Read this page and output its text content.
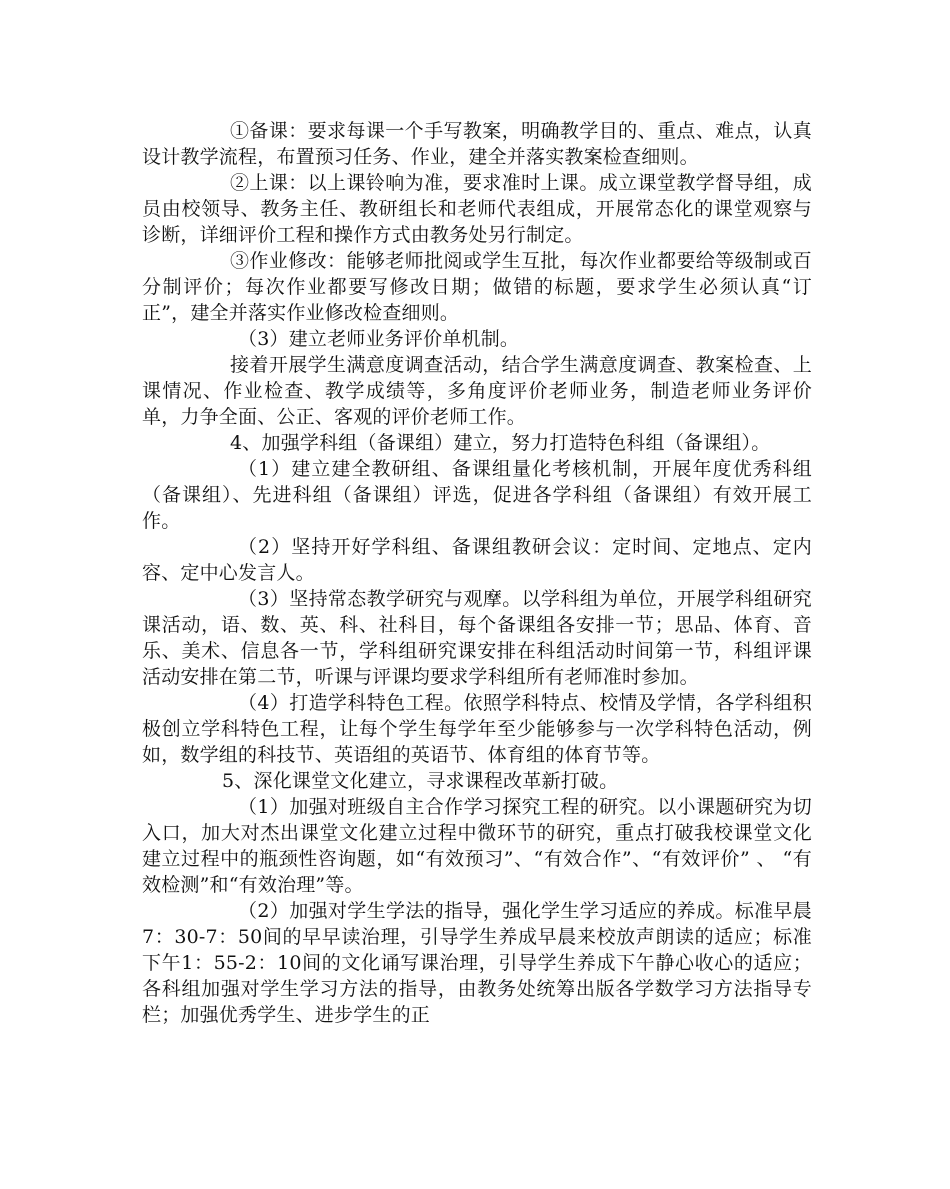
①备课：要求每课一个手写教案，明确教学目的、重点、难点，认真设计教学流程，布置预习任务、作业，建全并落实教案检查细则。

②上课：以上课铃响为准，要求准时上课。成立课堂教学督导组，成员由校领导、教务主任、教研组长和老师代表组成，开展常态化的课堂观察与诊断，详细评价工程和操作方式由教务处另行制定。

③作业修改：能够老师批阅或学生互批，每次作业都要给等级制或百分制评价；每次作业都要写修改日期；做错的标题，要求学生必须认真“订正”，建全并落实作业修改检查细则。

（3）建立老师业务评价单机制。

接着开展学生满意度调查活动，结合学生满意度调查、教案检查、上课情况、作业检查、教学成绩等，多角度评价老师业务，制造老师业务评价单，力争全面、公正、客观的评价老师工作。

4、加强学科组（备课组）建立，努力打造特色科组（备课组）。

（1）建立建全教研组、备课组量化考核机制，开展年度优秀科组（备课组）、先进科组（备课组）评选，促进各学科组（备课组）有效开展工作。

（2）坚持开好学科组、备课组教研会议：定时间、定地点、定内容、定中心发言人。

（3）坚持常态教学研究与观摩。以学科组为单位，开展学科组研究课活动，语、数、英、科、社科目，每个备课组各安排一节；思品、体育、音乐、美术、信息各一节，学科组研究课安排在科组活动时间第一节，科组评课活动安排在第二节，听课与评课均要求学科组所有老师准时参加。

（4）打造学科特色工程。依照学科特点、校情及学情，各学科组积极创立学科特色工程，让每个学生每学年至少能够参与一次学科特色活动，例如，数学组的科技节、英语组的英语节、体育组的体育节等。

5、深化课堂文化建立，寻求课程改革新打破。

（1）加强对班级自主合作学习探究工程的研究。以小课题研究为切入口，加大对杰出课堂文化建立过程中微环节的研究，重点打破我校课堂文化建立过程中的瓶颈性咨询题，如“有效预习”、“有效合作”、“有效评价” 、 “有效检测”和“有效治理”等。

（2）加强对学生学法的指导，强化学生学习适应的养成。标准早晨7：30-7：50间的早早读治理，引导学生养成早晨来校放声朗读的适应；标准下午1：55-2：10间的文化诵写课治理，引导学生养成下午静心收心的适应；各科组加强对学生学习方法的指导，由教务处统筹出版各学数学习方法指导专栏；加强优秀学生、进步学生的正
